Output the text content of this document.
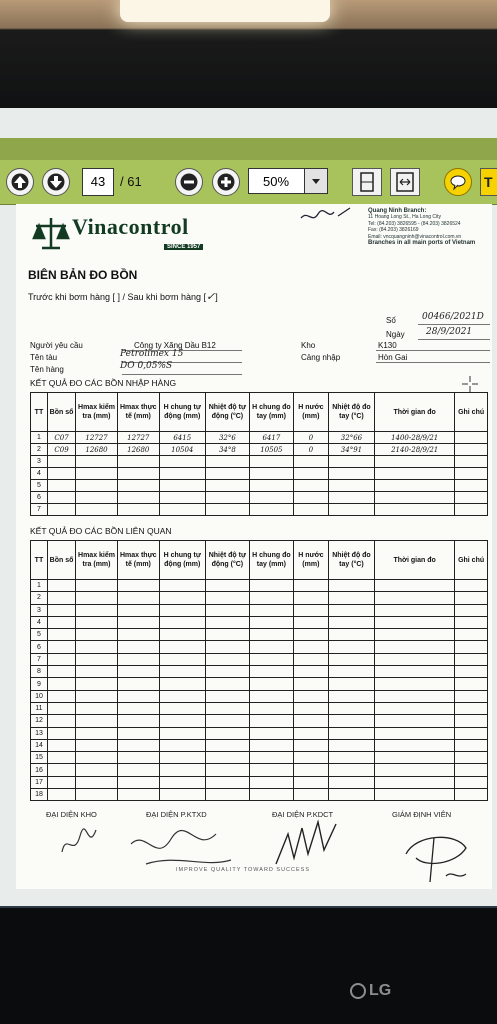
43	/ 61	50%	T
Vinacontrol
SINCE 1957
Quang Ninh Branch:
11 Hoang Long St., Ha Long City
Tel: (84.203) 3826595 - (84.203) 3826524
Fax: (84.203) 3826169
Email: vncquangninh@vinacontrol.com.vn
Branches in all main ports of Vietnam
BIÊN BẢN ĐO BỒN
Trước khi bơm hàng [ ] / Sau khi bơm hàng [✓]
Số	00466/2021D
Ngày 28/9/2021
Người yêu cầu	Công ty Xăng Dầu B12
Tên tàu	Petrolimex 15
Tên hàng	DO 0,05%S
Kho	K130
Cảng nhập	Hòn Gai
KẾT QUẢ ĐO CÁC BỒN NHẬP HÀNG
TT	Bồn số	Hmax kiểm tra (mm)	Hmax thực tế (mm)	H chung tự động (mm)	Nhiệt độ tự động (°C)	H chung đo tay (mm)	H nước (mm)	Nhiệt độ đo tay (°C)	Thời gian đo	Ghi chú
1	C07	12727	12727	6415	32°6	6417	0	32°66	1400-28/9/21	
2	C09	12680	12680	10504	34°8	10505	0	34°91	2140-28/9/21	
3										
4										
5										
6										
7										
KẾT QUẢ ĐO CÁC BỒN LIÊN QUAN
TT	Bồn số	Hmax kiểm tra (mm)	Hmax thực tế (mm)	H chung tự động (mm)	Nhiệt độ tự động (°C)	H chung đo tay (mm)	H nước (mm)	Nhiệt độ đo tay (°C)	Thời gian đo	Ghi chú
1										
2										
3										
4										
5										
6										
7										
8										
9										
10										
11										
12										
13										
14										
15										
16										
17										
18										
ĐẠI DIỆN KHO	ĐẠI DIỆN P.KTXD	ĐẠI DIỆN P.KDCT	GIÁM ĐỊNH VIÊN
IMPROVE QUALITY TOWARD SUCCESS
LG
